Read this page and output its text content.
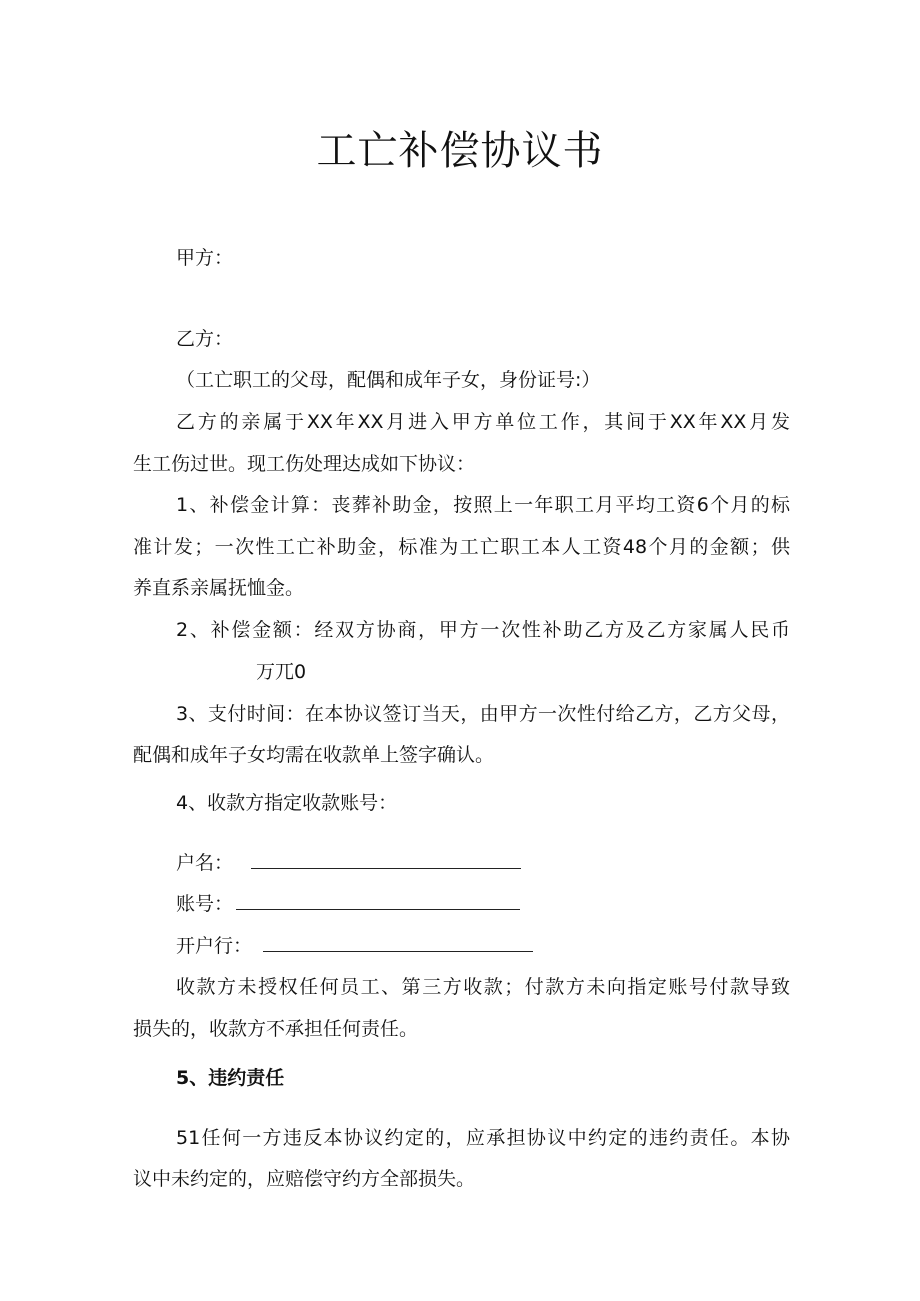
工亡补偿协议书
甲方：
乙方：
（工亡职工的父母，配偶和成年子女，身份证号:）
乙方的亲属于XX年XX月进入甲方单位工作，其间于XX年XX月发
生工伤过世。现工伤处理达成如下协议：
1、补偿金计算：丧葬补助金，按照上一年职工月平均工资6个月的标
准计发；一次性工亡补助金，标准为工亡职工本人工资48个月的金额；供
养直系亲属抚恤金。
2、补偿金额：经双方协商，甲方一次性补助乙方及乙方家属人民币
万兀0
3、支付时间：在本协议签订当天，由甲方一次性付给乙方，乙方父母，
配偶和成年子女均需在收款单上签字确认。
4、收款方指定收款账号：
户名：
账号：
开户行：
收款方未授权任何员工、第三方收款；付款方未向指定账号付款导致
损失的，收款方不承担任何责任。
5、违约责任
51任何一方违反本协议约定的，应承担协议中约定的违约责任。本协
议中未约定的，应赔偿守约方全部损失。
